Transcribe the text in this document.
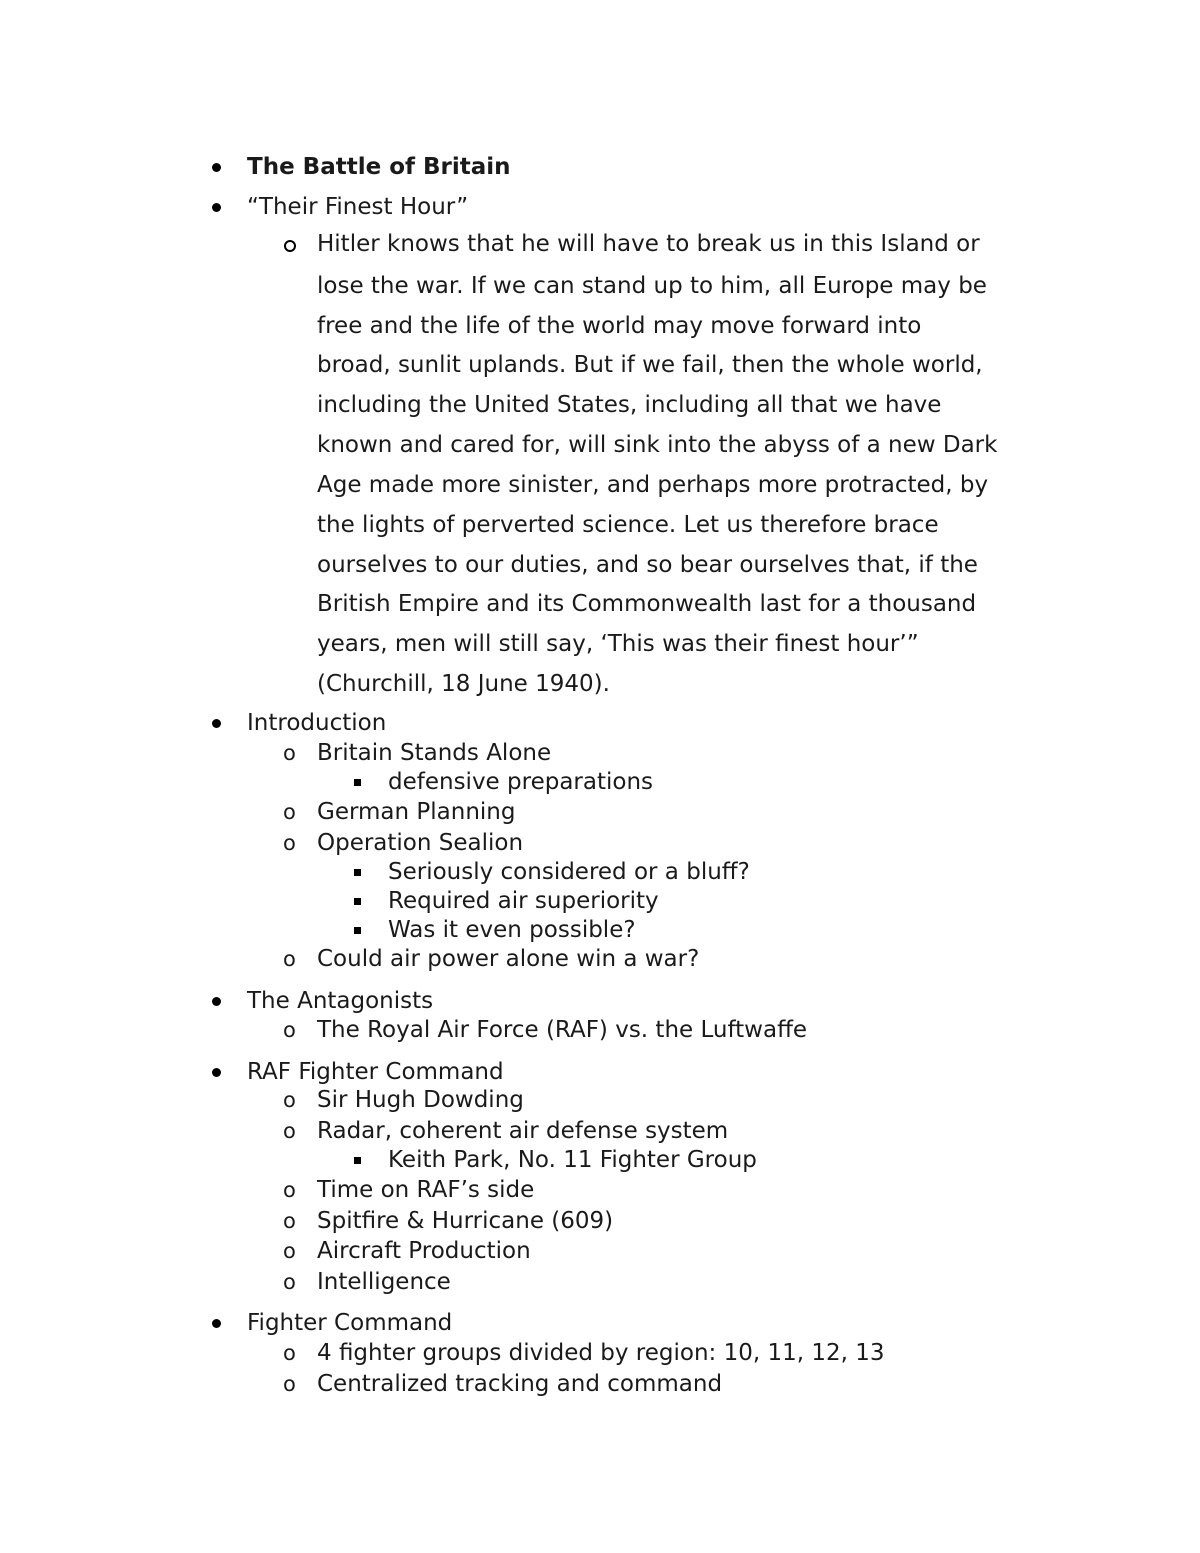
The Battle of Britain
“Their Finest Hour”
Hitler knows that he will have to break us in this Island or
lose the war. If we can stand up to him, all Europe may be
free and the life of the world may move forward into
broad, sunlit uplands. But if we fail, then the whole world,
including the United States, including all that we have
known and cared for, will sink into the abyss of a new Dark
Age made more sinister, and perhaps more protracted, by
the lights of perverted science. Let us therefore brace
ourselves to our duties, and so bear ourselves that, if the
British Empire and its Commonwealth last for a thousand
years, men will still say, ‘This was their finest hour’”
(Churchill, 18 June 1940).
Introduction
o Britain Stands Alone
defensive preparations
o German Planning
o Operation Sealion
Seriously considered or a bluff?
Required air superiority
Was it even possible?
o Could air power alone win a war?
The Antagonists
o The Royal Air Force (RAF) vs. the Luftwaffe
RAF Fighter Command
o Sir Hugh Dowding
o Radar, coherent air defense system
Keith Park, No. 11 Fighter Group
o Time on RAF’s side
o Spitfire & Hurricane (609)
o Aircraft Production
o Intelligence
Fighter Command
o 4 fighter groups divided by region: 10, 11, 12, 13
o Centralized tracking and command
